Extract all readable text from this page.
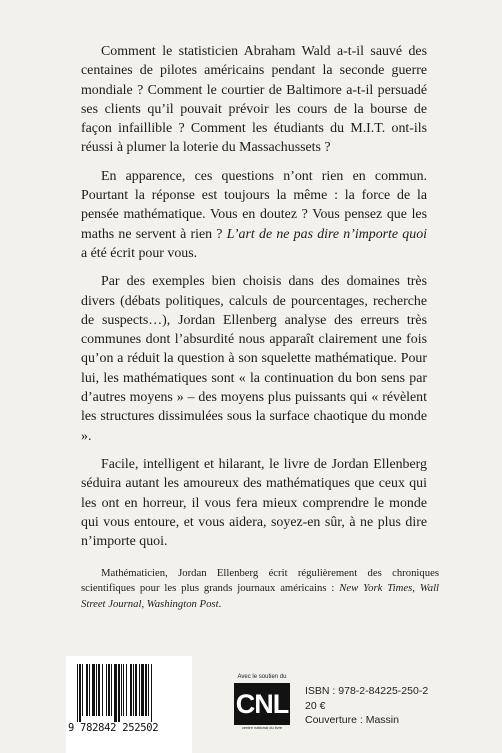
Comment le statisticien Abraham Wald a-t-il sauvé des centaines de pilotes américains pendant la seconde guerre mondiale ? Comment le courtier de Baltimore a-t-il persuadé ses clients qu’il pouvait prévoir les cours de la bourse de façon infaillible ? Comment les étudiants du M.I.T. ont-ils réussi à plumer la loterie du Massachussets ?

En apparence, ces questions n’ont rien en commun. Pourtant la réponse est toujours la même : la force de la pensée mathématique. Vous en doutez ? Vous pensez que les maths ne servent à rien ? L’art de ne pas dire n’importe quoi a été écrit pour vous.

Par des exemples bien choisis dans des domaines très divers (débats politiques, calculs de pourcentages, recherche de suspects…), Jordan Ellenberg analyse des erreurs très communes dont l’absurdité nous apparaît clairement une fois qu’on a réduit la question à son squelette mathématique. Pour lui, les mathématiques sont « la continuation du bon sens par d’autres moyens » – des moyens plus puissants qui « révèlent les structures dissimulées sous la surface chaotique du monde ».

Facile, intelligent et hilarant, le livre de Jordan Ellenberg séduira autant les amoureux des mathématiques que ceux qui les ont en horreur, il vous fera mieux comprendre le monde qui vous entoure, et vous aidera, soyez-en sûr, à ne plus dire n’importe quoi.

Mathématicien, Jordan Ellenberg écrit régulièrement des chroniques scientifiques pour les plus grands journaux américains : New York Times, Wall Street Journal, Washington Post.

9 782842 252502
Avec le soutien du
CNL
centre national du livre
ISBN : 978-2-84225-250-2
20 €
Couverture : Massin
